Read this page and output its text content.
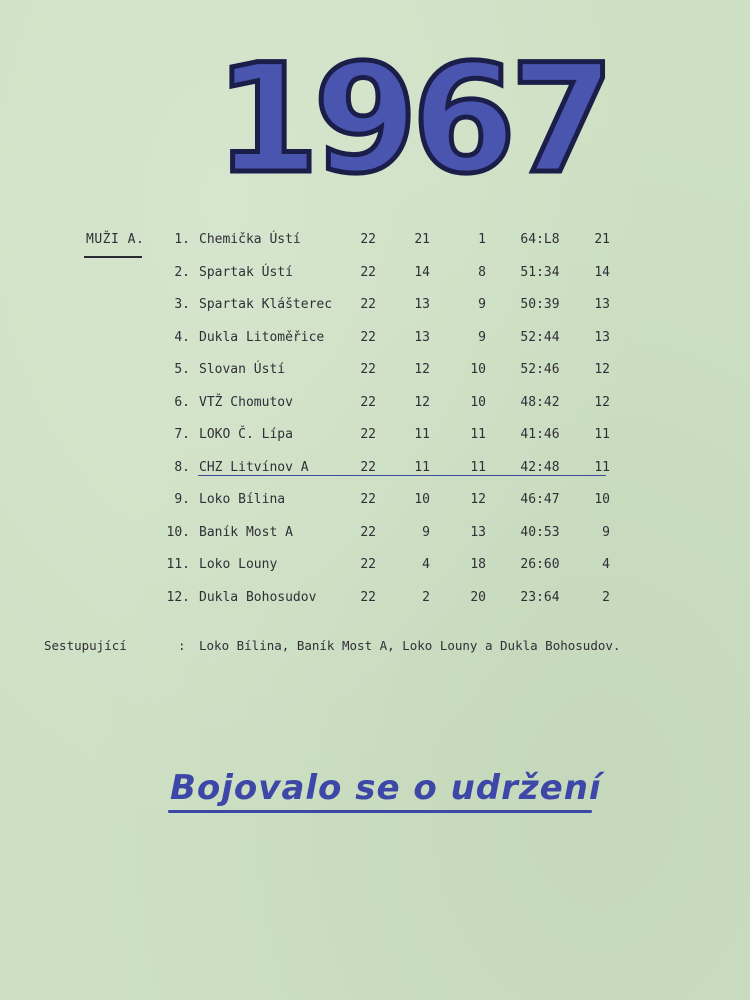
1967
MUŽI A.	1. Chemička Ústí	22	21	1	64:L8	21
2. Spartak Ústí	22	14	8	51:34	14
3. Spartak Klášterec	22	13	9	50:39	13
4. Dukla Litoměřice	22	13	9	52:44	13
5. Slovan Ústí	22	12	10	52:46	12
6. VTŽ Chomutov	22	12	10	48:42	12
7. LOKO Č. Lípa	22	11	11	41:46	11
8. CHZ Litvínov A	22	11	11	42:48	11
9. Loko Bílina	22	10	12	46:47	10
10. Baník Most A	22	9	13	40:53	9
11. Loko Louny	22	4	18	26:60	4
12. Dukla Bohosudov	22	2	20	23:64	2
Sestupující	: Loko Bílina, Baník Most A, Loko Louny a Dukla Bohosudov.
Bojovalo se o udržení
